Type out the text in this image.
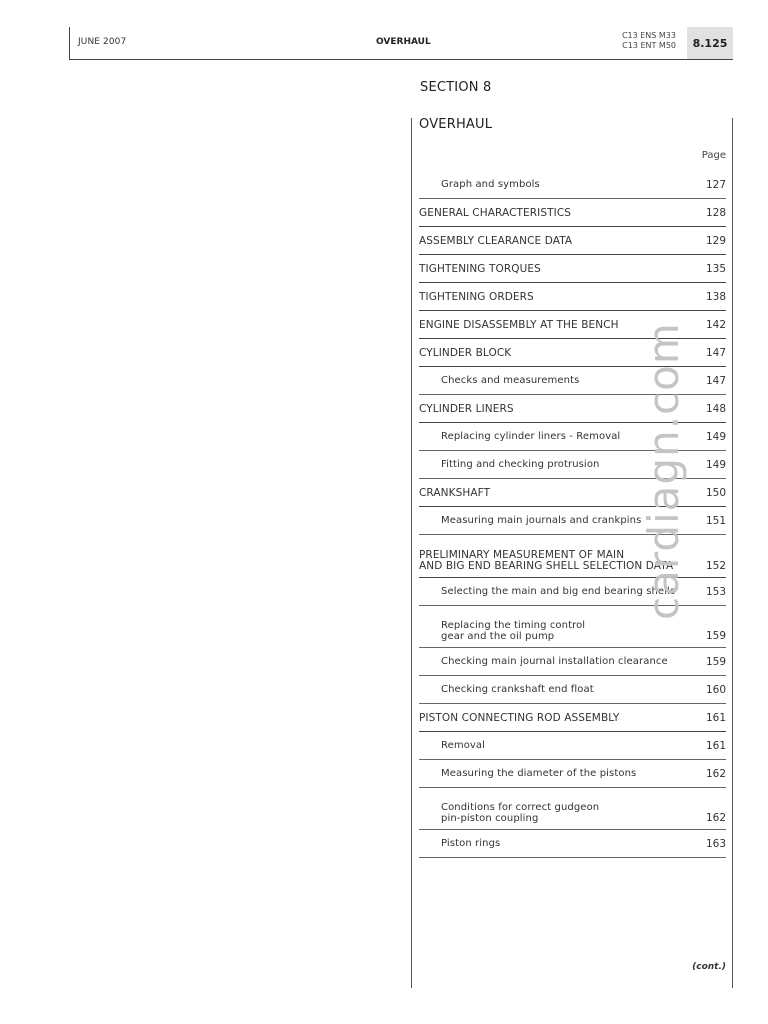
JUNE 2007	OVERHAUL
C13 ENS M33
C13 ENT M50	8.125
SECTION 8
OVERHAUL
Page
Graph and symbols	127
GENERAL CHARACTERISTICS	128
ASSEMBLY CLEARANCE DATA	129
TIGHTENING TORQUES	135
TIGHTENING ORDERS	138
ENGINE DISASSEMBLY AT THE BENCH	142
CYLINDER BLOCK	147
Checks and measurements	147
CYLINDER LINERS	148
Replacing cylinder liners - Removal	149
Fitting and checking protrusion	149
CRANKSHAFT	150
Measuring main journals and crankpins	151
PRELIMINARY MEASUREMENT OF MAIN
AND BIG END BEARING SHELL SELECTION DATA	152
Selecting the main and big end bearing shells	153
Replacing the timing control
gear and the oil pump	159
Checking main journal installation clearance	159
Checking crankshaft end float	160
PISTON CONNECTING ROD ASSEMBLY	161
Removal	161
Measuring the diameter of the pistons	162
Conditions for correct gudgeon
pin-piston coupling	162
Piston rings	163
(cont.)
cardiagn.com
